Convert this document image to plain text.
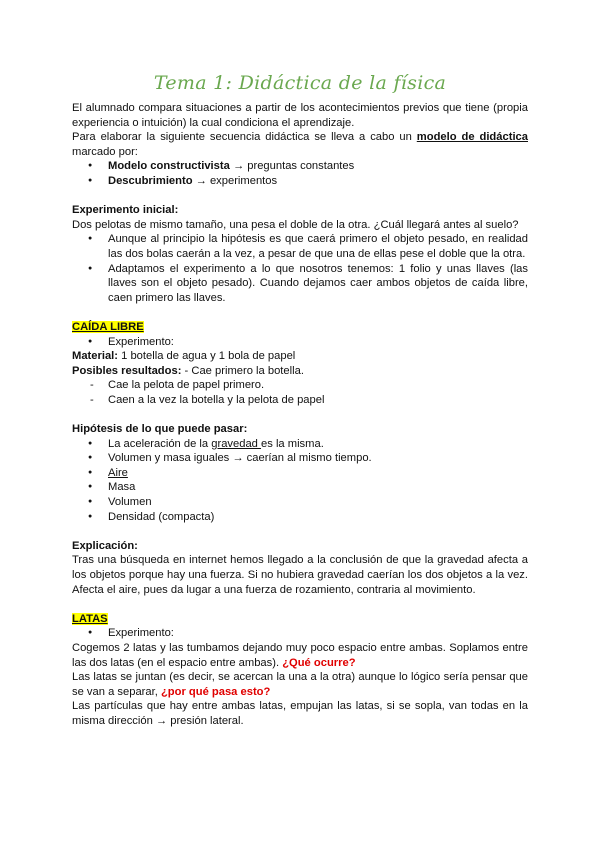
Tema 1: Didáctica de la física

El alumnado compara situaciones a partir de los acontecimientos previos que tiene (propia experiencia o intuición) la cual condiciona el aprendizaje.

Para elaborar la siguiente secuencia didáctica se lleva a cabo un modelo de didáctica marcado por:

● Modelo constructivista → preguntas constantes
● Descubrimiento → experimentos

Experimento inicial:

Dos pelotas de mismo tamaño, una pesa el doble de la otra. ¿Cuál llegará antes al suelo?

● Aunque al principio la hipótesis es que caerá primero el objeto pesado, en realidad las dos bolas caerán a la vez, a pesar de que una de ellas pese el doble que la otra.
● Adaptamos el experimento a lo que nosotros tenemos: 1 folio y unas llaves (las llaves son el objeto pesado). Cuando dejamos caer ambos objetos de caída libre, caen primero las llaves.

CAÍDA LIBRE

● Experimento:

Material: 1 botella de agua y 1 bola de papel

Posibles resultados: - Cae primero la botella.

- Cae la pelota de papel primero.
- Caen a la vez la botella y la pelota de papel

Hipótesis de lo que puede pasar:

● La aceleración de la gravedad es la misma.
● Volumen y masa iguales → caerían al mismo tiempo.
● Aire
● Masa
● Volumen
● Densidad (compacta)

Explicación:

Tras una búsqueda en internet hemos llegado a la conclusión de que la gravedad afecta a los objetos porque hay una fuerza. Si no hubiera gravedad caerían los dos objetos a la vez. Afecta el aire, pues da lugar a una fuerza de rozamiento, contraria al movimiento.

LATAS

● Experimento:

Cogemos 2 latas y las tumbamos dejando muy poco espacio entre ambas. Soplamos entre las dos latas (en el espacio entre ambas). ¿Qué ocurre?

Las latas se juntan (es decir, se acercan la una a la otra) aunque lo lógico sería pensar que se van a separar, ¿por qué pasa esto?

Las partículas que hay entre ambas latas, empujan las latas, si se sopla, van todas en la misma dirección → presión lateral.
